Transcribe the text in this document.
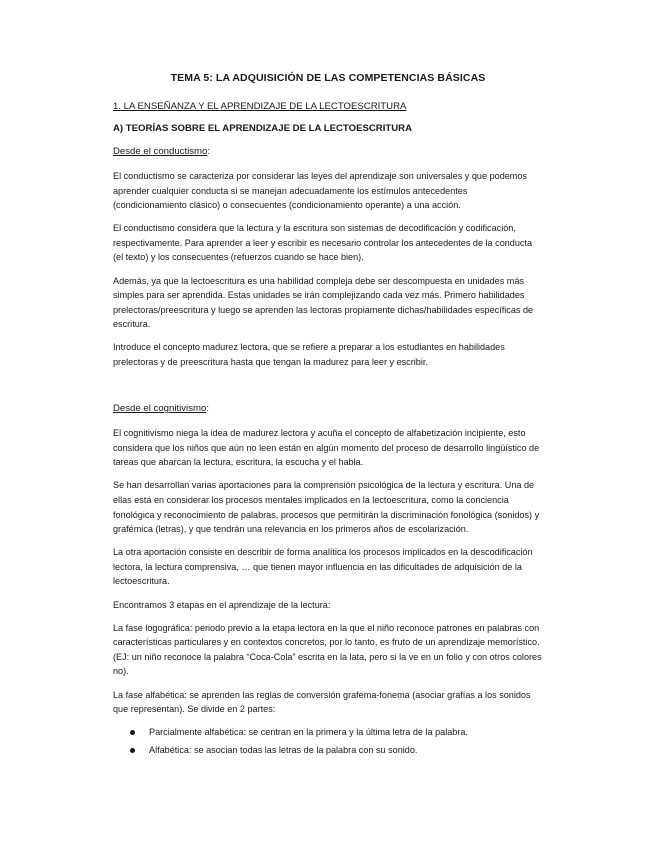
TEMA 5: LA ADQUISICIÓN DE LAS COMPETENCIAS BÁSICAS
1. LA ENSEÑANZA Y EL APRENDIZAJE DE LA LECTOESCRITURA
A) TEORÍAS SOBRE EL APRENDIZAJE DE LA LECTOESCRITURA
Desde el conductismo:

El conductismo se caracteriza por considerar las leyes del aprendizaje son universales y que podemos aprender cualquier conducta si se manejan adecuadamente los estímulos antecedentes (condicionamiento clásico) o consecuentes (condicionamiento operante) a una acción.

El conductismo considera que la lectura y la escritura son sistemas de decodificación y codificación, respectivamente. Para aprender a leer y escribir es necesario controlar los antecedentes de la conducta (el texto) y los consecuentes (refuerzos cuando se hace bien).

Además, ya que la lectoescritura es una habilidad compleja debe ser descompuesta en unidades más simples para ser aprendida. Estas unidades se irán complejizando cada vez más. Primero habilidades prelectoras/preescritura y luego se aprenden las lectoras propiamente dichas/habilidades específicas de escritura.

Introduce el concepto madurez lectora, que se refiere a preparar a los estudiantes en habilidades prelectoras y de preescritura hasta que tengan la madurez para leer y escribir.

Desde el cognitivismo:

El cognitivismo niega la idea de madurez lectora y acuña el concepto de alfabetización incipiente, esto considera que los niños que aún no leen están en algún momento del proceso de desarrollo lingüístico de tareas que abarcan la lectura, escritura, la escucha y el habla.

Se han desarrollan varias aportaciones para la comprensión psicológica de la lectura y escritura. Una de ellas está en considerar los procesos mentales implicados en la lectoescritura, como la conciencia fonológica y reconocimiento de palabras, procesos que permitirán la discriminación fonológica (sonidos) y grafémica (letras), y que tendrán una relevancia en los primeros años de escolarización.

La otra aportación consiste en describir de forma analítica los procesos implicados en la descodificación lectora, la lectura comprensiva, … que tienen mayor influencia en las dificultades de adquisición de la lectoescritura.

Encontramos 3 etapas en el aprendizaje de la lectura:

La fase logográfica: periodo previo a la etapa lectora en la que el niño reconoce patrones en palabras con características particulares y en contextos concretos, por lo tanto, es fruto de un aprendizaje memorístico. (EJ: un niño reconoce la palabra “Coca-Cola” escrita en la lata, pero si la ve en un folio y con otros colores no).

La fase alfabética: se aprenden las reglas de conversión grafema-fonema (asociar grafías a los sonidos que representan). Se divide en 2 partes:

Parcialmente alfabética: se centran en la primera y la última letra de la palabra.
Alfabética: se asocian todas las letras de la palabra con su sonido.
